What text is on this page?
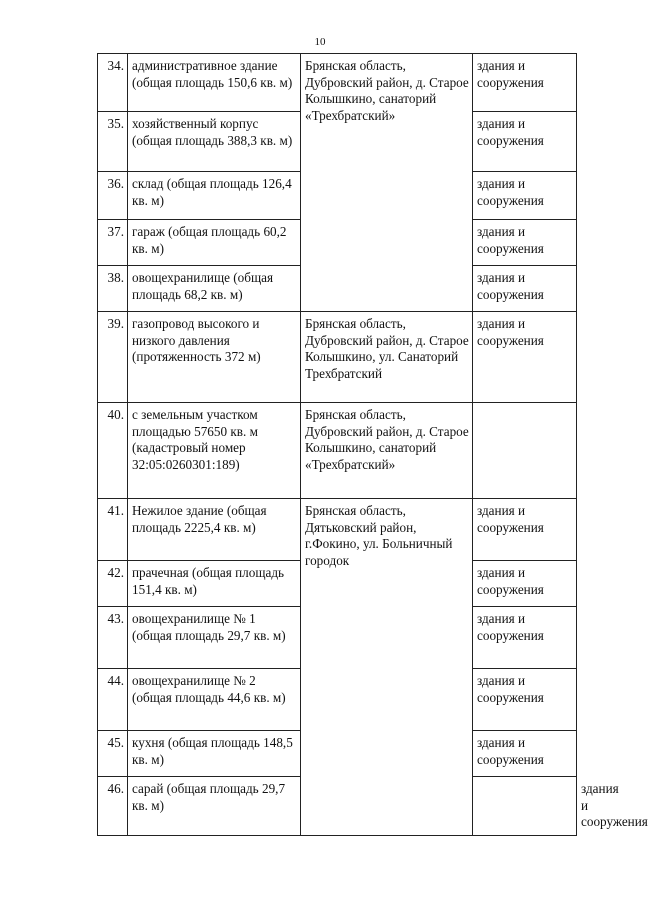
10
34.	административное здание (общая площадь 150,6 кв. м)	Брянская область, Дубровский район, д. Старое Колышкино, санаторий «Трехбратский»	здания и сооружения	
35.	хозяйственный корпус (общая площадь 388,3 кв. м)		здания и сооружения	
36.	склад (общая площадь 126,4 кв. м)		здания и сооружения	
37.	гараж (общая площадь 60,2 кв. м)		здания и сооружения	
38.	овощехранилище (общая площадь 68,2 кв. м)		здания и сооружения	
39.	газопровод высокого и низкого давления (протяженность 372 м)	Брянская область, Дубровский район, д. Старое Колышкино, ул. Санаторий Трехбратский	здания и сооружения	
40.	с земельным участком площадью 57650 кв. м (кадастровый номер 32:05:0260301:189)	Брянская область, Дубровский район, д. Старое Колышкино, санаторий «Трехбратский»		
41.	Нежилое здание (общая площадь 2225,4 кв. м)	Брянская область, Дятьковский район, г.Фокино, ул. Больничный городок	здания и сооружения	
42.	прачечная (общая площадь 151,4 кв. м)		здания и сооружения	
43.	овощехранилище № 1 (общая площадь 29,7 кв. м)		здания и сооружения	
44.	овощехранилище № 2 (общая площадь 44,6 кв. м)		здания и сооружения	
45.	кухня (общая площадь 148,5 кв. м)		здания и сооружения	
46.	сарай (общая площадь 29,7 кв. м)			здания и сооружения
